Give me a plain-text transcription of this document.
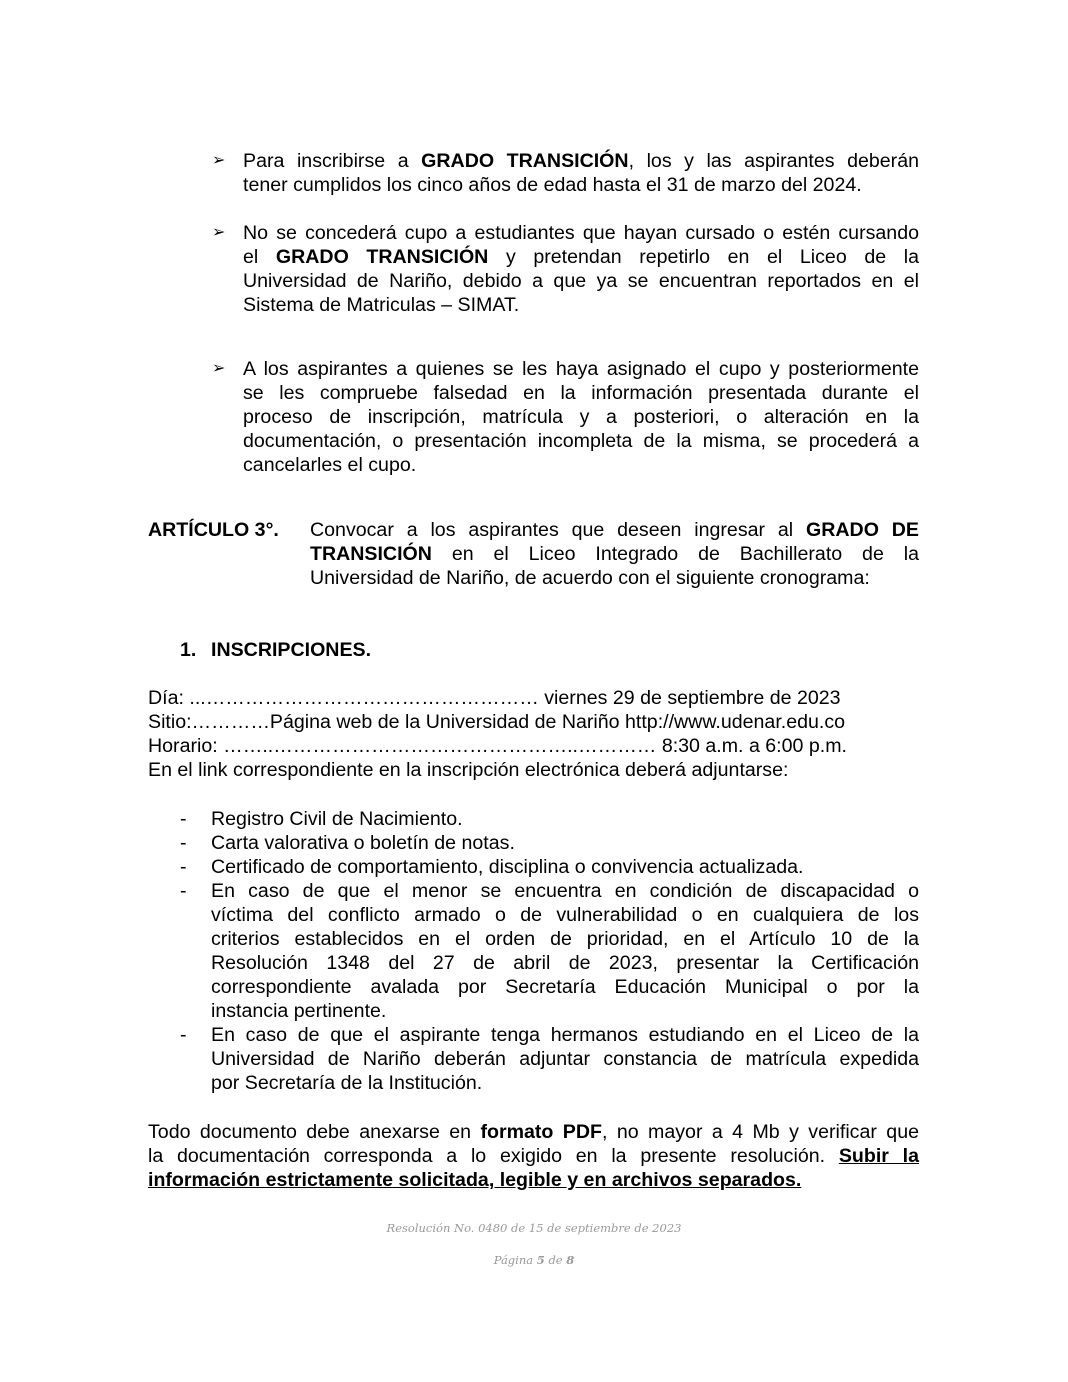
➢ Para inscribirse a GRADO TRANSICIÓN, los y las aspirantes deberán

tener cumplidos los cinco años de edad hasta el 31 de marzo del 2024.

➢ No se concederá cupo a estudiantes que hayan cursado o estén cursando

el GRADO TRANSICIÓN y pretendan repetirlo en el Liceo de la

Universidad de Nariño, debido a que ya se encuentran reportados en el

Sistema de Matriculas – SIMAT.

➢ A los aspirantes a quienes se les haya asignado el cupo y posteriormente

se les compruebe falsedad en la información presentada durante el

proceso de inscripción, matrícula y a posteriori, o alteración en la

documentación, o presentación incompleta de la misma, se procederá a

cancelarles el cupo.

ARTÍCULO 3°. Convocar a los aspirantes que deseen ingresar al GRADO DE

TRANSICIÓN en el Liceo Integrado de Bachillerato de la

Universidad de Nariño, de acuerdo con el siguiente cronograma:

1. INSCRIPCIONES.

Día: ...…………………………………………… viernes 29 de septiembre de 2023

Sitio:…………Página web de la Universidad de Nariño http://www.udenar.edu.co

Horario: ……..………………………………………..………… 8:30 a.m. a 6:00 p.m.

En el link correspondiente en la inscripción electrónica deberá adjuntarse:

- Registro Civil de Nacimiento.

- Carta valorativa o boletín de notas.

- Certificado de comportamiento, disciplina o convivencia actualizada.

- En caso de que el menor se encuentra en condición de discapacidad o

víctima del conflicto armado o de vulnerabilidad o en cualquiera de los

criterios establecidos en el orden de prioridad, en el Artículo 10 de la

Resolución 1348 del 27 de abril de 2023, presentar la Certificación

correspondiente avalada por Secretaría Educación Municipal o por la

instancia pertinente.

- En caso de que el aspirante tenga hermanos estudiando en el Liceo de la

Universidad de Nariño deberán adjuntar constancia de matrícula expedida

por Secretaría de la Institución.

Todo documento debe anexarse en formato PDF, no mayor a 4 Mb y verificar que

la documentación corresponda a lo exigido en la presente resolución. Subir la

información estrictamente solicitada, legible y en archivos separados.

Resolución No. 0480 de 15 de septiembre de 2023

Página 5 de 8
